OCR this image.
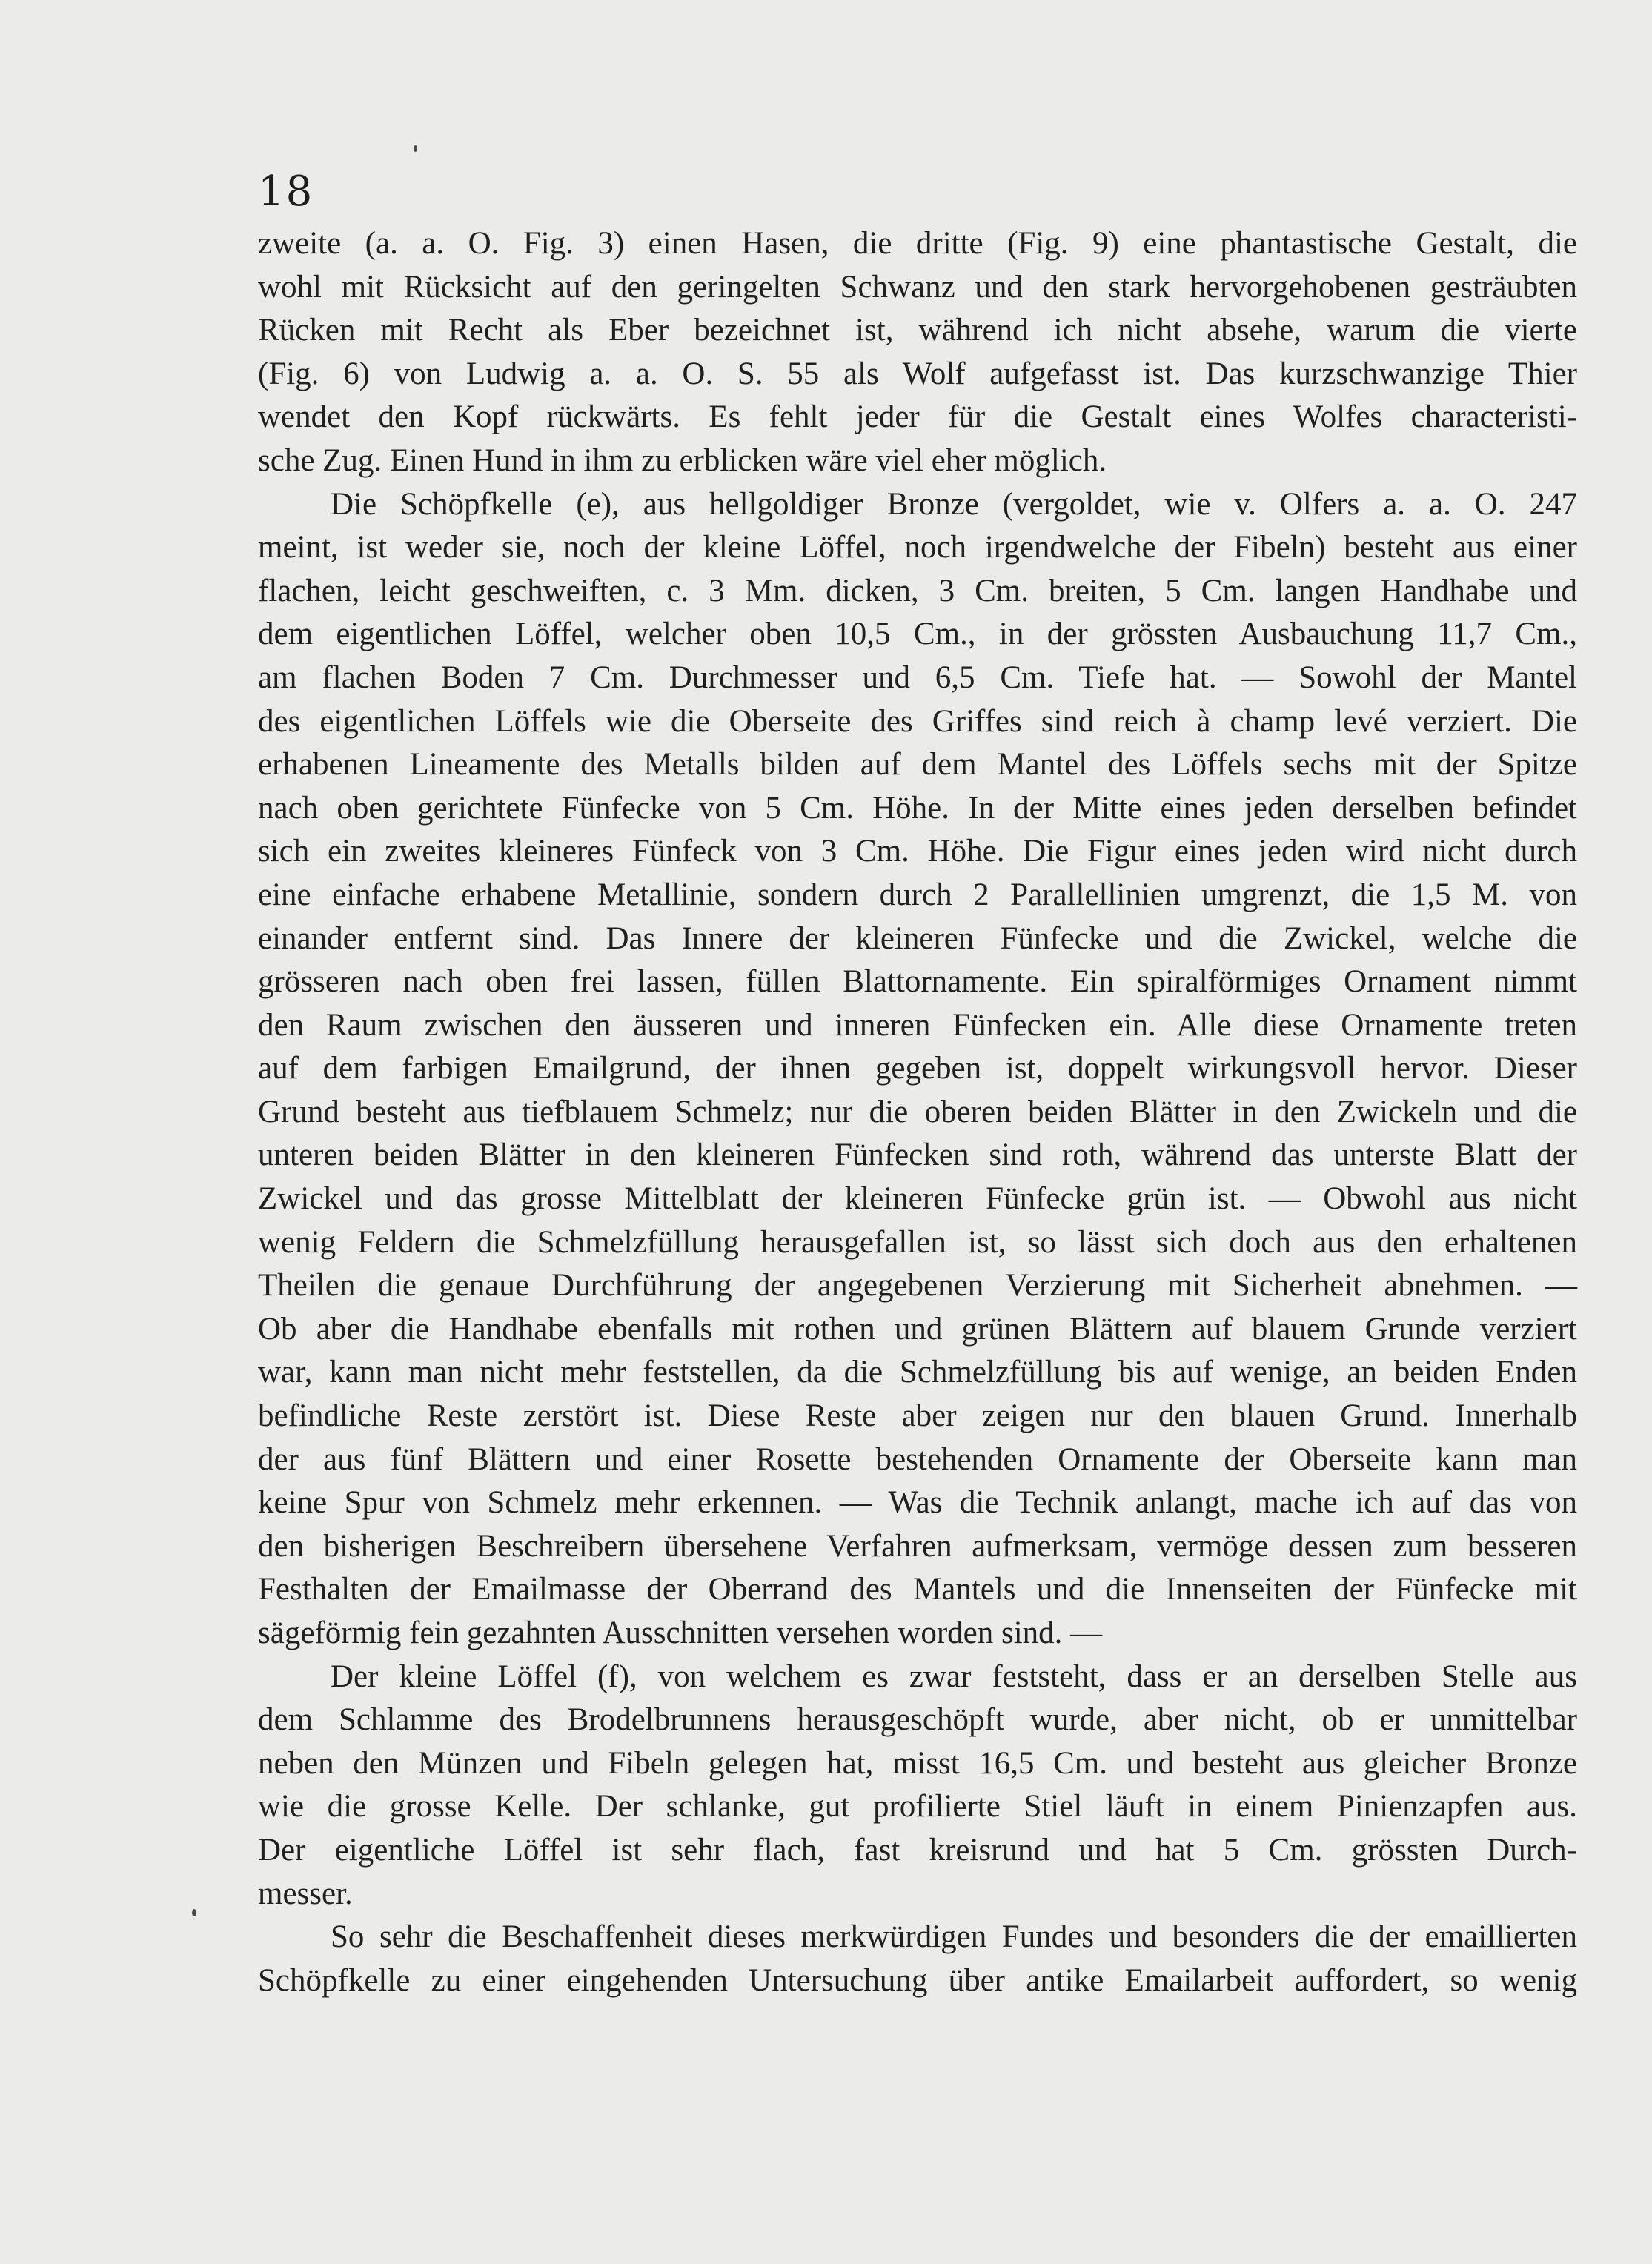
18
zweite (a. a. O. Fig. 3) einen Hasen, die dritte (Fig. 9) eine phantastische Gestalt, die
wohl mit Rücksicht auf den geringelten Schwanz und den stark hervorgehobenen gesträubten
Rücken mit Recht als Eber bezeichnet ist, während ich nicht absehe, warum die vierte
(Fig. 6) von Ludwig a. a. O. S. 55 als Wolf aufgefasst ist. Das kurzschwanzige Thier
wendet den Kopf rückwärts. Es fehlt jeder für die Gestalt eines Wolfes characteristi-
sche Zug. Einen Hund in ihm zu erblicken wäre viel eher möglich.
Die Schöpfkelle (e), aus hellgoldiger Bronze (vergoldet, wie v. Olfers a. a. O. 247
meint, ist weder sie, noch der kleine Löffel, noch irgendwelche der Fibeln) besteht aus einer
flachen, leicht geschweiften, c. 3 Mm. dicken, 3 Cm. breiten, 5 Cm. langen Handhabe und
dem eigentlichen Löffel, welcher oben 10,5 Cm., in der grössten Ausbauchung 11,7 Cm.,
am flachen Boden 7 Cm. Durchmesser und 6,5 Cm. Tiefe hat. — Sowohl der Mantel
des eigentlichen Löffels wie die Oberseite des Griffes sind reich à champ levé verziert. Die
erhabenen Lineamente des Metalls bilden auf dem Mantel des Löffels sechs mit der Spitze
nach oben gerichtete Fünfecke von 5 Cm. Höhe. In der Mitte eines jeden derselben befindet
sich ein zweites kleineres Fünfeck von 3 Cm. Höhe. Die Figur eines jeden wird nicht durch
eine einfache erhabene Metallinie, sondern durch 2 Parallellinien umgrenzt, die 1,5 M. von
einander entfernt sind. Das Innere der kleineren Fünfecke und die Zwickel, welche die
grösseren nach oben frei lassen, füllen Blattornamente. Ein spiralförmiges Ornament nimmt
den Raum zwischen den äusseren und inneren Fünfecken ein. Alle diese Ornamente treten
auf dem farbigen Emailgrund, der ihnen gegeben ist, doppelt wirkungsvoll hervor. Dieser
Grund besteht aus tiefblauem Schmelz; nur die oberen beiden Blätter in den Zwickeln und die
unteren beiden Blätter in den kleineren Fünfecken sind roth, während das unterste Blatt der
Zwickel und das grosse Mittelblatt der kleineren Fünfecke grün ist. — Obwohl aus nicht
wenig Feldern die Schmelzfüllung herausgefallen ist, so lässt sich doch aus den erhaltenen
Theilen die genaue Durchführung der angegebenen Verzierung mit Sicherheit abnehmen. —
Ob aber die Handhabe ebenfalls mit rothen und grünen Blättern auf blauem Grunde verziert
war, kann man nicht mehr feststellen, da die Schmelzfüllung bis auf wenige, an beiden Enden
befindliche Reste zerstört ist. Diese Reste aber zeigen nur den blauen Grund. Innerhalb
der aus fünf Blättern und einer Rosette bestehenden Ornamente der Oberseite kann man
keine Spur von Schmelz mehr erkennen. — Was die Technik anlangt, mache ich auf das von
den bisherigen Beschreibern übersehene Verfahren aufmerksam, vermöge dessen zum besseren
Festhalten der Emailmasse der Oberrand des Mantels und die Innenseiten der Fünfecke mit
sägeförmig fein gezahnten Ausschnitten versehen worden sind. —
Der kleine Löffel (f), von welchem es zwar feststeht, dass er an derselben Stelle aus
dem Schlamme des Brodelbrunnens herausgeschöpft wurde, aber nicht, ob er unmittelbar
neben den Münzen und Fibeln gelegen hat, misst 16,5 Cm. und besteht aus gleicher Bronze
wie die grosse Kelle. Der schlanke, gut profilierte Stiel läuft in einem Pinienzapfen aus.
Der eigentliche Löffel ist sehr flach, fast kreisrund und hat 5 Cm. grössten Durch-
messer.
So sehr die Beschaffenheit dieses merkwürdigen Fundes und besonders die der emaillierten
Schöpfkelle zu einer eingehenden Untersuchung über antike Emailarbeit auffordert, so wenig
